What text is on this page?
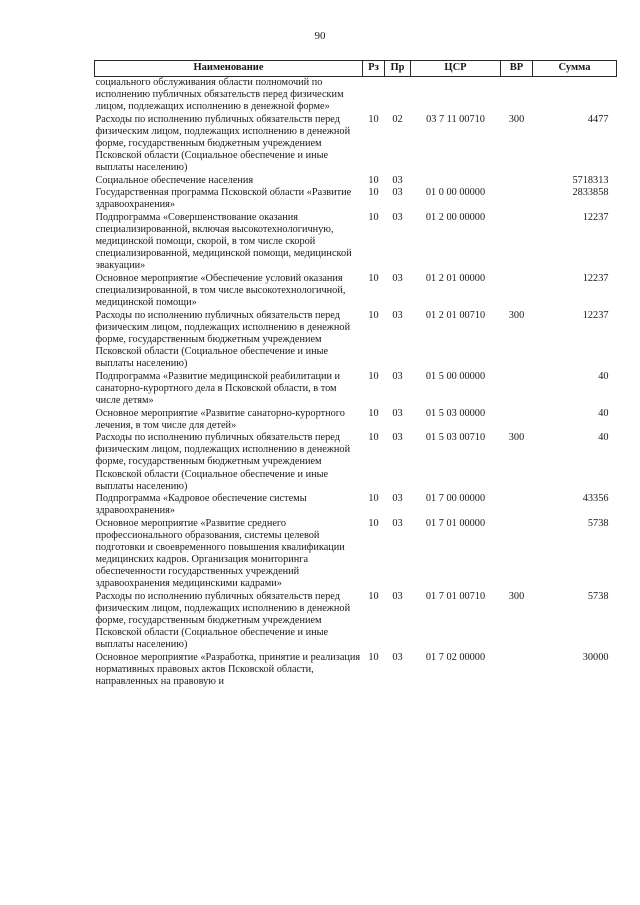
90
Наименование	Рз	Пр	ЦСР	ВР	Сумма
социального обслуживания области полномочий по исполнению публичных обязательств перед физическим лицом, подлежащих исполнению в денежной форме»					
Расходы по исполнению публичных обязательств перед физическим лицом, подлежащих исполнению в денежной форме, государственным бюджетным учреждением Псковской области (Социальное обеспечение и иные выплаты населению)	10	02	03 7 11 00710	300	4477
Социальное обеспечение населения	10	03			5718313
Государственная программа Псковской области «Развитие здравоохранения»	10	03	01 0 00 00000		2833858
Подпрограмма «Совершенствование оказания специализированной, включая высокотехнологичную, медицинской помощи, скорой, в том числе скорой специализированной, медицинской помощи, медицинской эвакуации»	10	03	01 2 00 00000		12237
Основное мероприятие «Обеспечение условий оказания специализированной, в том числе высокотехнологичной, медицинской помощи»	10	03	01 2 01 00000		12237
Расходы по исполнению публичных обязательств перед физическим лицом, подлежащих исполнению в денежной форме, государственным бюджетным учреждением Псковской области (Социальное обеспечение и иные выплаты населению)	10	03	01 2 01 00710	300	12237
Подпрограмма «Развитие медицинской реабилитации и санаторно-курортного дела в Псковской области, в том числе детям»	10	03	01 5 00 00000		40
Основное мероприятие «Развитие санаторно-курортного лечения, в том числе для детей»	10	03	01 5 03 00000		40
Расходы по исполнению публичных обязательств перед физическим лицом, подлежащих исполнению в денежной форме, государственным бюджетным учреждением Псковской области (Социальное обеспечение и иные выплаты населению)	10	03	01 5 03 00710	300	40
Подпрограмма «Кадровое обеспечение системы здравоохранения»	10	03	01 7 00 00000		43356
Основное мероприятие «Развитие среднего профессионального образования, системы целевой подготовки и своевременного повышения квалификации медицинских кадров. Организация мониторинга обеспеченности государственных учреждений здравоохранения медицинскими кадрами»	10	03	01 7 01 00000		5738
Расходы по исполнению публичных обязательств перед физическим лицом, подлежащих исполнению в денежной форме, государственным бюджетным учреждением Псковской области (Социальное обеспечение и иные выплаты населению)	10	03	01 7 01 00710	300	5738
Основное мероприятие «Разработка, принятие и реализация нормативных правовых актов Псковской области, направленных на правовую и	10	03	01 7 02 00000		30000
